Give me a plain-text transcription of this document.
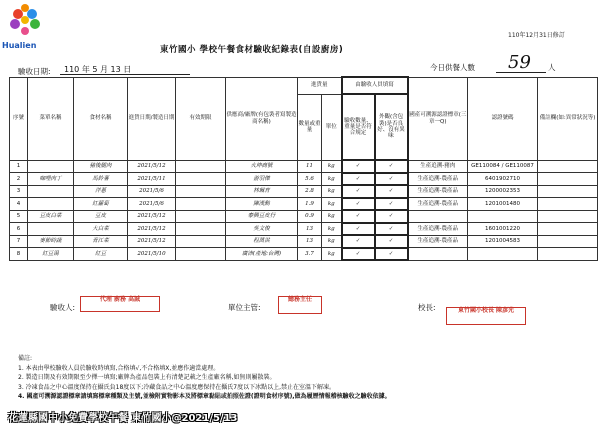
Hualien
110年12月31日修訂
東竹國小 學校午餐食材驗收紀錄表(自設廚房)
驗收日期: 110 年 5 月 13 日	今日供餐人數 59 人
序號	菜單名稱	食材名稱	進貨日期/製造日期	有效期限	供應商/廠牌(有包裝者寫製造商名稱)	進貨量		由驗收人員填寫		國產可溯源認證標章(三章一Q)	認證號碼	備註欄(如:異常狀況等)
						數量或重量	單位	驗收數量、重量是否符合規定	外觀(含包裝)是否良好、沒有異味			
1		豬後腿肉	2021/5/12		火坤商號	11	kg	✓	✓	生產追溯-豬肉	GE110084 / GE110087	
2	咖哩肉丁	馬鈴薯	2021/5/11		游羽傑	5.6	kg	✓	✓	生產追溯-農產品	6401902710	
3		洋蔥	2021/5/6		林珮育	2.8	kg	✓	✓	生產追溯-農產品	1200002353	
4		紅蘿蔔	2021/5/6		陳漢勳	1.9	kg	✓	✓	生產追溯-農產品	1201001480	
5	豆皮白菜	豆皮	2021/5/12		泰興豆皮行	0.9	kg	✓	✓			
6		大白菜	2021/5/12		吳文俊	13	kg	✓	✓	生產追溯-農產品	1601001220	
7	麥節時蔬	青江菜	2021/5/12		程萬洪	13	kg	✓	✓	生產追溯-農產品	1201004583	
8	紅豆湯	紅豆	2021/5/10		廣沛(產地:台灣)	3.7	kg	✓	✓			
驗收人:
代理 廚務 高誠
單位主管:
總務主任
校長:	東竹國小校長 陳彥光
備註:
1. 本表由學校驗收人員於驗收時填寫,合格填√,不合格填X,並應作適當處理。
2. 製造日期及有效期限至少擇一填寫;廠牌為產品包裝上有清楚記載之生產廠名稱,如無則屬散裝。
3. 冷凍食品之中心溫度保持在攝氏負18度以下;冷藏食品之中心溫度應保持在攝氏7度以下冰點以上,禁止在室溫下解凍。
4. 國產可溯源認證標章請填寫標章種類及主號,並檢附實物影本及將標章黏貼或拍照佐證(證明食材序號),做為履歷情報稽核驗收之驗收依據。
花蓮縣國中小免費學校午餐 東竹國小@2021/5/13
